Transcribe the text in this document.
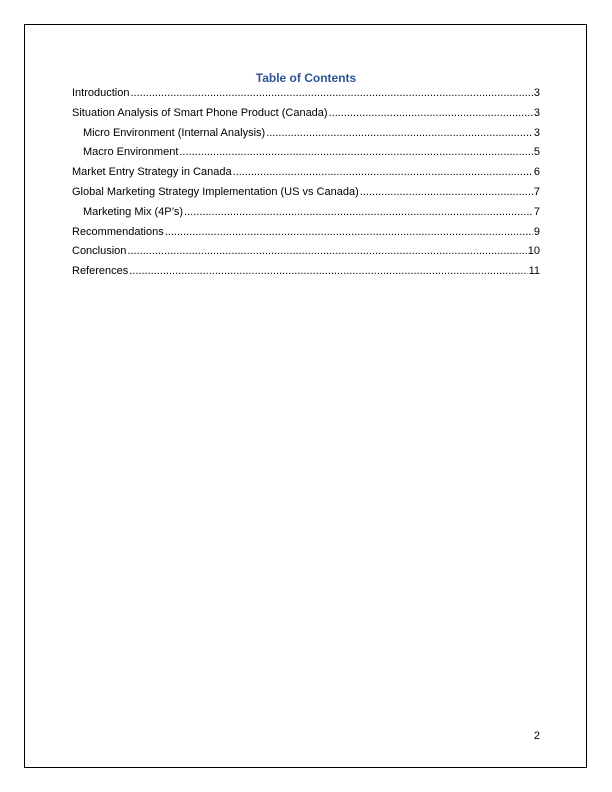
Table of Contents
Introduction .....	3
Situation Analysis of Smart Phone Product (Canada) .....	3
Micro Environment (Internal Analysis) .....	3
Macro Environment .....	5
Market Entry Strategy in Canada .....	6
Global Marketing Strategy Implementation (US vs Canada) .....	7
Marketing Mix (4P’s) .....	7
Recommendations .....	9
Conclusion .....	10
References .....	11
2
